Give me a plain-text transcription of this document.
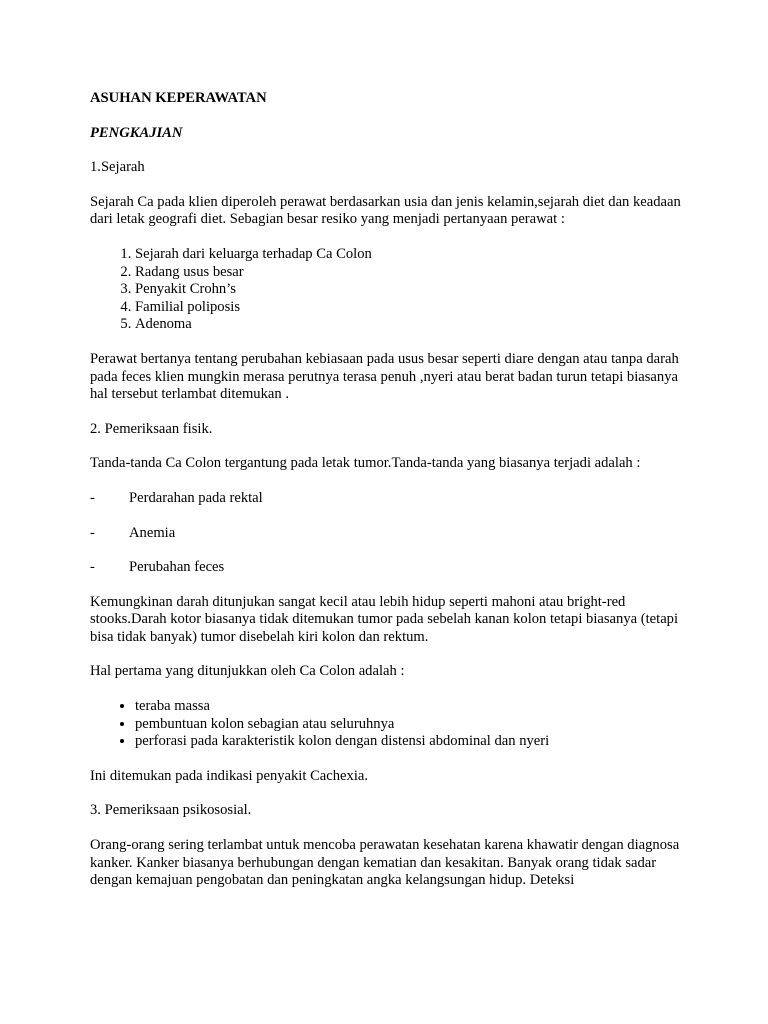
ASUHAN KEPERAWATAN

PENGKAJIAN

1.Sejarah

Sejarah Ca pada klien diperoleh perawat berdasarkan usia dan jenis kelamin,sejarah diet dan keadaan dari letak geografi diet. Sebagian besar resiko yang menjadi pertanyaan perawat :

1. Sejarah dari keluarga terhadap Ca Colon
2. Radang usus besar
3. Penyakit Crohn’s
4. Familial poliposis
5. Adenoma

Perawat bertanya tentang perubahan kebiasaan pada usus besar seperti diare dengan atau tanpa darah pada feces klien mungkin merasa perutnya terasa penuh ,nyeri atau berat badan turun tetapi biasanya hal tersebut terlambat ditemukan .

2. Pemeriksaan fisik.

Tanda-tanda Ca Colon tergantung pada letak tumor.Tanda-tanda yang biasanya terjadi adalah :

-	Perdarahan pada rektal
-	Anemia
-	Perubahan feces

Kemungkinan darah ditunjukan sangat kecil atau lebih hidup seperti mahoni atau bright-red stooks.Darah kotor biasanya tidak ditemukan tumor pada sebelah kanan kolon tetapi biasanya (tetapi bisa tidak banyak) tumor disebelah kiri kolon dan rektum.

Hal pertama yang ditunjukkan oleh Ca Colon adalah :

• teraba massa
• pembuntuan kolon sebagian atau seluruhnya
• perforasi pada karakteristik kolon dengan distensi abdominal dan nyeri

Ini ditemukan pada indikasi penyakit Cachexia.

3. Pemeriksaan psikososial.

Orang-orang sering terlambat untuk mencoba perawatan kesehatan karena khawatir dengan diagnosa kanker. Kanker biasanya berhubungan dengan kematian dan kesakitan. Banyak orang tidak sadar dengan kemajuan pengobatan dan peningkatan angka kelangsungan hidup. Deteksi
